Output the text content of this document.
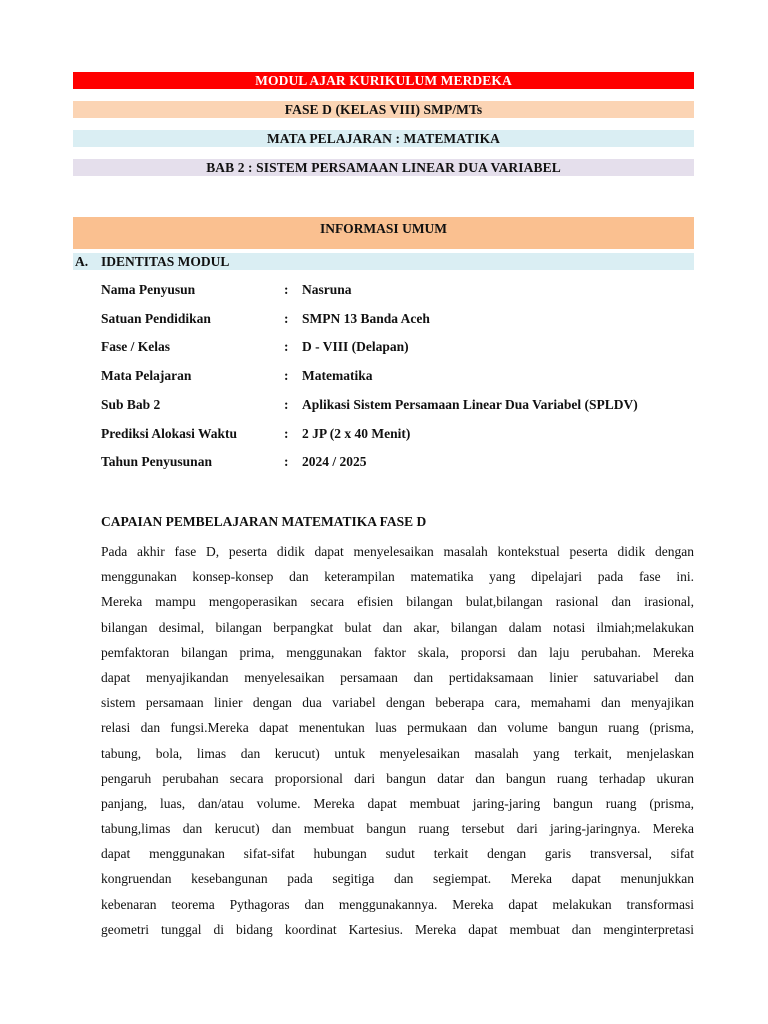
MODUL AJAR KURIKULUM MERDEKA
FASE D (KELAS VIII) SMP/MTs
MATA PELAJARAN : MATEMATIKA
BAB 2 : SISTEM PERSAMAAN LINEAR DUA VARIABEL
INFORMASI UMUM
A. IDENTITAS MODUL
Nama Penyusun	: Nasruna
Satuan Pendidikan	: SMPN 13 Banda Aceh
Fase / Kelas	: D - VIII (Delapan)
Mata Pelajaran	: Matematika
Sub Bab 2	: Aplikasi Sistem Persamaan Linear Dua Variabel (SPLDV)
Prediksi Alokasi Waktu	: 2 JP (2 x 40 Menit)
Tahun Penyusunan	: 2024 / 2025
CAPAIAN PEMBELAJARAN MATEMATIKA FASE D
Pada akhir fase D, peserta didik dapat menyelesaikan masalah kontekstual peserta didik dengan
menggunakan konsep-konsep dan keterampilan matematika yang dipelajari pada fase ini.
Mereka mampu mengoperasikan secara efisien bilangan bulat,bilangan rasional dan irasional,
bilangan desimal, bilangan berpangkat bulat dan akar, bilangan dalam notasi ilmiah;melakukan
pemfaktoran bilangan prima, menggunakan faktor skala, proporsi dan laju perubahan. Mereka
dapat menyajikandan menyelesaikan persamaan dan pertidaksamaan linier satuvariabel dan
sistem persamaan linier dengan dua variabel dengan beberapa cara, memahami dan menyajikan
relasi dan fungsi.Mereka dapat menentukan luas permukaan dan volume bangun ruang (prisma,
tabung, bola, limas dan kerucut) untuk menyelesaikan masalah yang terkait, menjelaskan
pengaruh perubahan secara proporsional dari bangun datar dan bangun ruang terhadap ukuran
panjang, luas, dan/atau volume. Mereka dapat membuat jaring-jaring bangun ruang (prisma,
tabung,limas dan kerucut) dan membuat bangun ruang tersebut dari jaring-jaringnya. Mereka
dapat menggunakan sifat-sifat hubungan sudut terkait dengan garis transversal, sifat
kongruendan kesebangunan pada segitiga dan segiempat. Mereka dapat menunjukkan
kebenaran teorema Pythagoras dan menggunakannya. Mereka dapat melakukan transformasi
geometri tunggal di bidang koordinat Kartesius. Mereka dapat membuat dan menginterpretasi
